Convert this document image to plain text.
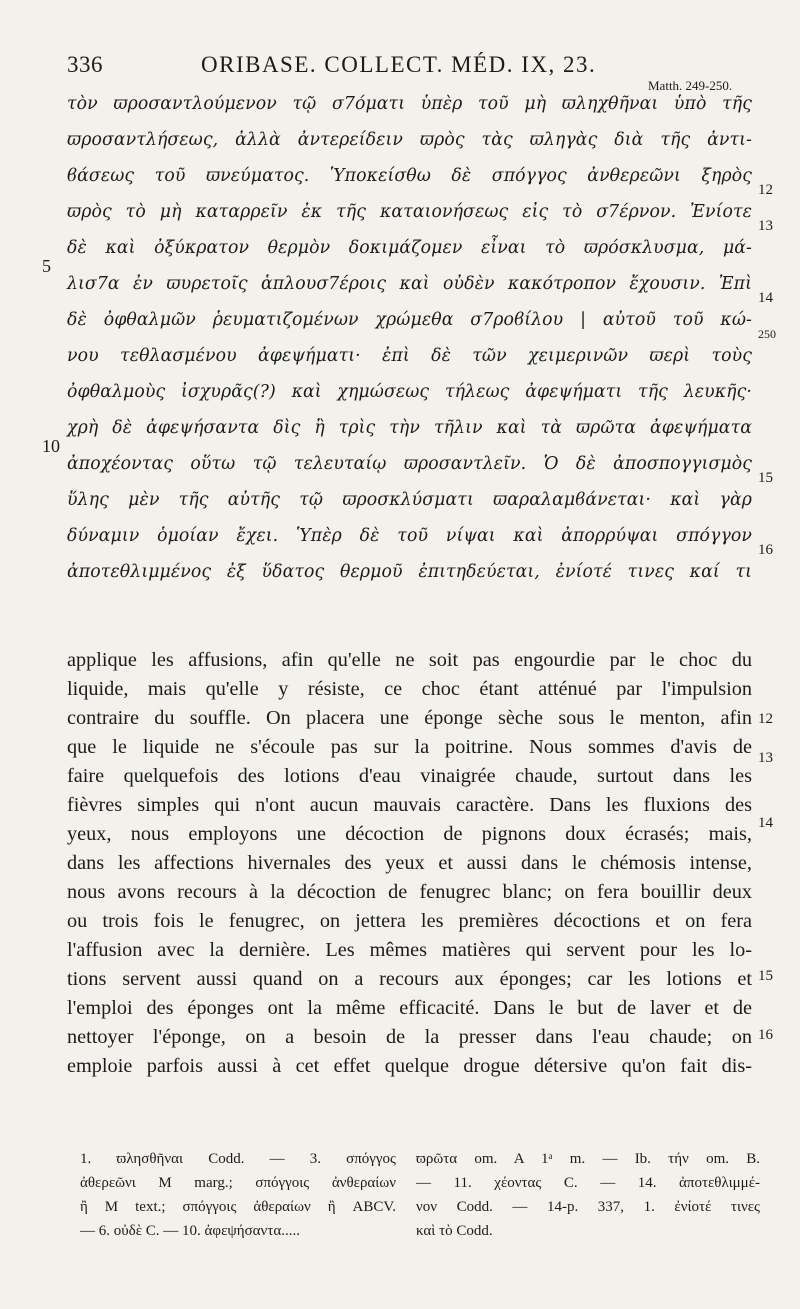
336	ORIBASE. COLLECT. MÉD. IX, 23.
Matth. 249-250.
τὸν ϖροσαντλούμενον τῷ σ7όματι ὑπὲρ τοῦ μὴ ϖληχθῆναι ὑπὸ τῆς
ϖροσαντλήσεως, ἀλλὰ ἀντερείδειν ϖρὸς τὰς ϖληγὰς διὰ τῆς ἀντι-
ϐάσεως τοῦ ϖνεύματος. Ὑποκείσθω δὲ σπόγγος ἀνθερεῶνι ξηρὸς
ϖρὸς τὸ μὴ καταρρεῖν ἐκ τῆς καταιονήσεως εἰς τὸ σ7έρνον. Ἐνίοτε
δὲ καὶ ὀξύκρατον θερμὸν δοκιμάζομεν εἶναι τὸ ϖρόσκλυσμα, μά-
λισ7α ἐν ϖυρετοῖς ἁπλουσ7έροις καὶ οὐδὲν κακότροπον ἔχουσιν. Ἐπὶ
δὲ ὀφθαλμῶν ῥευματιζομένων χρώμεθα σ7ροϐίλου | αὐτοῦ τοῦ κώ-
νου τεθλασμένου ἀφεψήματι· ἐπὶ δὲ τῶν χειμερινῶν ϖερὶ τοὺς
ὀφθαλμοὺς ἰσχυρᾶς(?) καὶ χημώσεως τήλεως ἀφεψήματι τῆς λευκῆς·
χρὴ δὲ ἀφεψήσαντα δὶς ἢ τρὶς τὴν τῆλιν καὶ τὰ ϖρῶτα ἀφεψήματα
ἀποχέοντας οὕτω τῷ τελευταίῳ ϖροσαντλεῖν. Ὁ δὲ ἀποσπογγισμὸς
ὕλης μὲν τῆς αὐτῆς τῷ ϖροσκλύσματι ϖαραλαμϐάνεται· καὶ γὰρ
δύναμιν ὁμοίαν ἔχει. Ὑπὲρ δὲ τοῦ νίψαι καὶ ἀπορρύψαι σπόγγον
ἀποτεθλιμμένος ἐξ ὕδατος θερμοῦ ἐπιτηδεύεται, ἐνίοτέ τινες καί τι
5
10
12
13
14
250
15
16
applique les affusions, afin qu'elle ne soit pas engourdie par le choc du
liquide, mais qu'elle y résiste, ce choc étant atténué par l'impulsion
contraire du souffle. On placera une éponge sèche sous le menton, afin
que le liquide ne s'écoule pas sur la poitrine. Nous sommes d'avis de
faire quelquefois des lotions d'eau vinaigrée chaude, surtout dans les
fièvres simples qui n'ont aucun mauvais caractère. Dans les fluxions des
yeux, nous employons une décoction de pignons doux écrasés; mais,
dans les affections hivernales des yeux et aussi dans le chémosis intense,
nous avons recours à la décoction de fenugrec blanc; on fera bouillir deux
ou trois fois le fenugrec, on jettera les premières décoctions et on fera
l'affusion avec la dernière. Les mêmes matières qui servent pour les lo-
tions servent aussi quand on a recours aux éponges; car les lotions et
l'emploi des éponges ont la même efficacité. Dans le but de laver et de
nettoyer l'éponge, on a besoin de la presser dans l'eau chaude; on
emploie parfois aussi à cet effet quelque drogue détersive qu'on fait dis-
12
13
14
15
16
1. ϖλησθῆναι Codd. — 3. σπόγγος
ἀθερεῶνι M marg.; σπόγγοις ἀνθεραίων
ἢ M text.; σπόγγοις ἀθεραίων ἢ ABCV.
— 6. οὐδὲ C. — 10. ἀφεψήσαντα.....
ϖρῶτα om. A 1ᵃ m. — Ib. τήν om. B.
— 11. χέοντας C. — 14. ἀποτεθλιμμέ-
νον Codd. — 14-p. 337, 1. ἐνίοτέ τινες
καὶ τὸ Codd.
